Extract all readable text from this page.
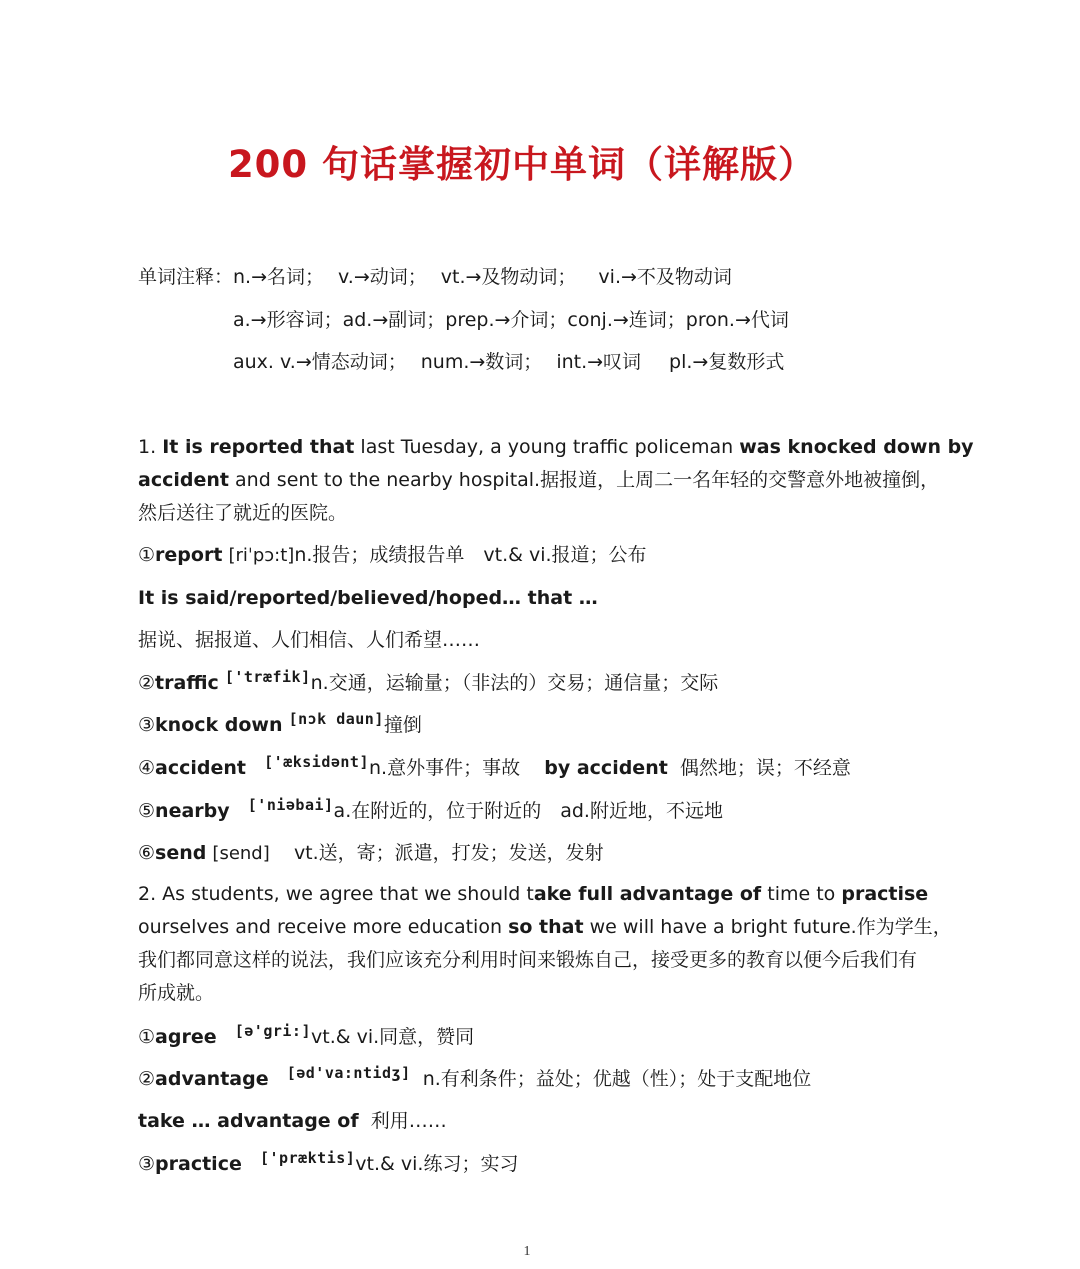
200 句话掌握初中单词（详解版）
单词注释：n.→名词； v.→动词； vt.→及物动词； vi.→不及物动词
a.→形容词；ad.→副词；prep.→介词；conj.→连词；pron.→代词
aux. v.→情态动词； num.→数词； int.→叹词 pl.→复数形式
1. It is reported that last Tuesday, a young traffic policeman was knocked down by
accident and sent to the nearby hospital.据报道，上周二一名年轻的交警意外地被撞倒，
然后送往了就近的医院。
①report [riˈpɔ:t]n.报告；成绩报告单　vt.& vi.报道；公布
It is said/reported/believed/hoped… that …
据说、据报道、人们相信、人们希望……
②traffic ['træfik]n.交通，运输量；（非法的）交易；通信量；交际
③knock down [nɔk daun]撞倒
④accident ['æksidənt]n.意外事件；事故 by accident 偶然地；误；不经意
⑤nearby ['niəbai]a.在附近的，位于附近的　ad.附近地，不远地
⑥send [send] vt.送，寄；派遣，打发；发送，发射
2. As students, we agree that we should take full advantage of time to practise
ourselves and receive more education so that we will have a bright future.作为学生，
我们都同意这样的说法，我们应该充分利用时间来锻炼自己，接受更多的教育以便今后我们有
所成就。
①agree [ə'gri:]vt.& vi.同意，赞同
②advantage [əd'va:ntidʒ] n.有利条件；益处；优越（性）；处于支配地位
take … advantage of 利用……
③practice ['præktis]vt.& vi.练习；实习
1
